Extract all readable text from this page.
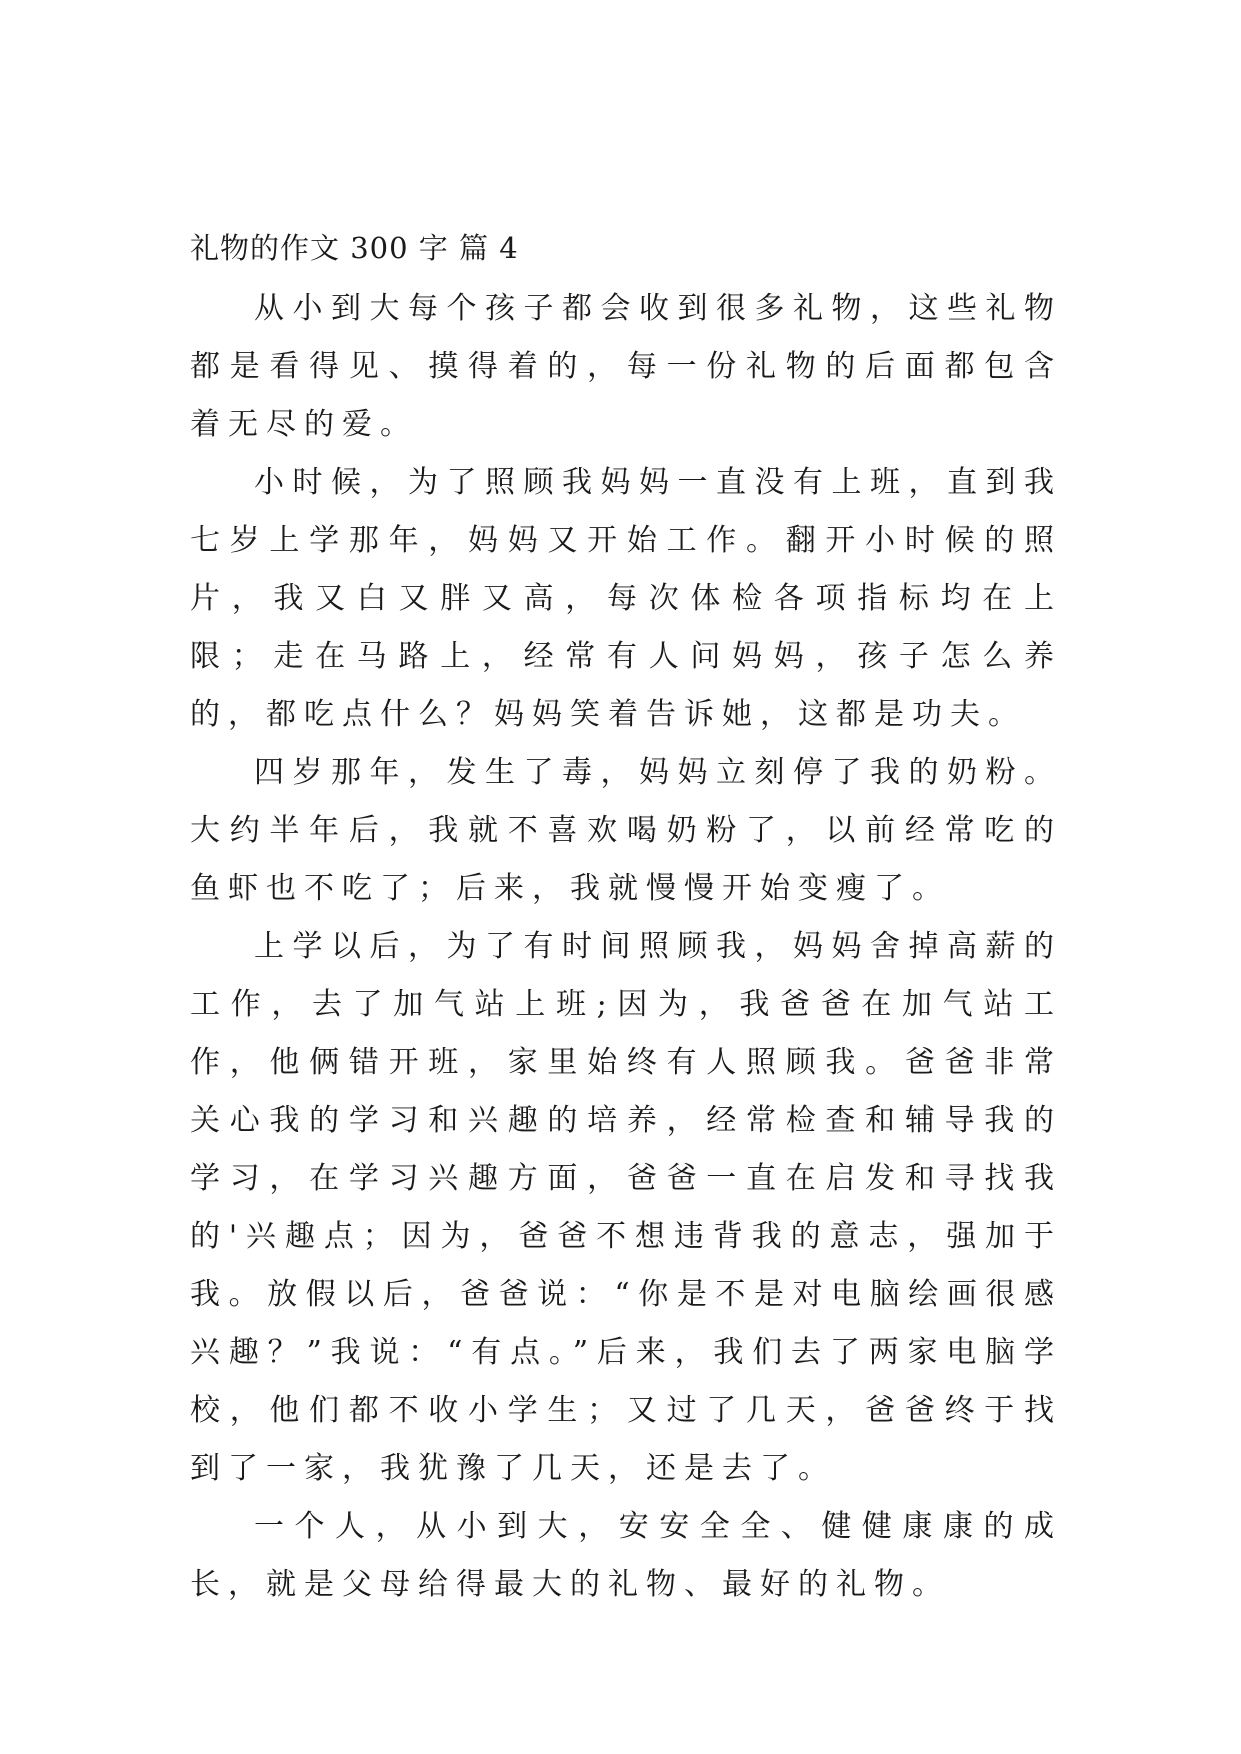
礼物的作文 300 字 篇 4

从小到大每个孩子都会收到很多礼物，这些礼物都是看得见、摸得着的，每一份礼物的后面都包含着无尽的爱。

小时候，为了照顾我妈妈一直没有上班，直到我七岁上学那年，妈妈又开始工作。翻开小时候的照片，我又白又胖又高，每次体检各项指标均在上限；走在马路上，经常有人问妈妈，孩子怎么养的，都吃点什么？妈妈笑着告诉她，这都是功夫。

四岁那年，发生了毒，妈妈立刻停了我的奶粉。大约半年后，我就不喜欢喝奶粉了，以前经常吃的鱼虾也不吃了；后来，我就慢慢开始变瘦了。

上学以后，为了有时间照顾我，妈妈舍掉高薪的工作，去了加气站上班;因为，我爸爸在加气站工作，他俩错开班，家里始终有人照顾我。爸爸非常关心我的学习和兴趣的培养，经常检查和辅导我的学习，在学习兴趣方面，爸爸一直在启发和寻找我的'兴趣点；因为，爸爸不想违背我的意志，强加于我。放假以后，爸爸说：“你是不是对电脑绘画很感兴趣？”我说：“有点。”后来，我们去了两家电脑学校，他们都不收小学生；又过了几天，爸爸终于找到了一家，我犹豫了几天，还是去了。

一个人，从小到大，安安全全、健健康康的成长，就是父母给得最大的礼物、最好的礼物。
